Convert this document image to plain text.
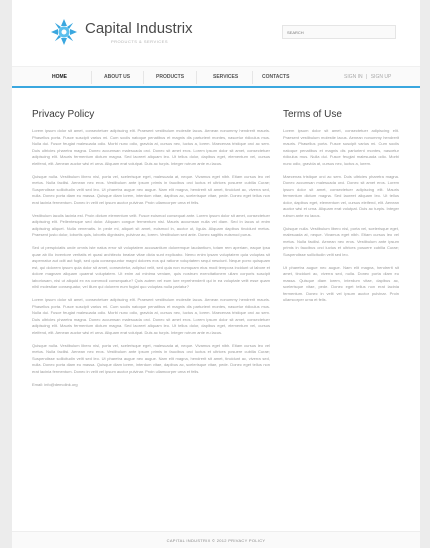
Capital Industrix
PRODUCTS & SERVICES
SEARCH
HOME	ABOUT US	PRODUCTS	SERVICES	CONTACTS	SIGN IN | SIGN UP
Privacy Policy	Terms of Use

Lorem ipsum dolor sit amet, consectetuer adipiscing elit. Praesent vestibulum molestie lacus. Aenean nonummy hendrerit mauris. Phasellus porta. Fusce suscipit varius mi. Cum sociis natoque penatibus et magnis dis parturient montes, nascetur ridiculus mus. Nulla dui. Fusce feugiat malesuada odio. Morbi nunc odio, gravida at, cursus nec, luctus a, lorem. Maecenas tristique orci ac sem. Duis ultricies pharetra magna. Donec accumsan malesuada orci. Donec sit amet eros. Lorem ipsum dolor sit amet, consectetuer adipiscing elit. Mauris fermentum dictum magna. Sed laoreet aliquam leo. Ut tellus dolor, dapibus eget, elementum vel, cursus eleifend, elit. Aenean auctor wisi et urna. Aliquam erat volutpat. Duis ac turpis. Integer rutrum ante eu lacus.

Quisque nulla. Vestibulum libero nisl, porta vel, scelerisque eget, malesuada at, neque. Vivamus eget nibh. Etiam cursus leo vel metus. Nulla facilisi. Aenean nec eros. Vestibulum ante ipsum primis in faucibus orci luctus et ultrices posuere cubilia Curae; Suspendisse sollicitudin velit sed leo. Ut pharetra augue nec augue. Nam elit magna, hendrerit sit amet, tincidunt ac, viverra sed, nulla. Donec porta diam eu massa. Quisque diam lorem, interdum vitae, dapibus ac, scelerisque vitae, pede. Donec eget tellus non erat lacinia fermentum. Donec in velit vel ipsum auctor pulvinar. Proin ullamcorper urna et felis.

Vestibulum iaculis lacinia est. Proin dictum elementum velit. Fusce euismod consequat ante. Lorem ipsum dolor sit amet, consectetuer adipiscing elit. Pellentesque sed dolor. Aliquam congue fermentum nisl. Mauris accumsan nulla vel diam. Sed in lacus ut enim adipiscing aliquet. Nulla venenatis. In pede mi, aliquet sit amet, euismod in, auctor ut, ligula. Aliquam dapibus tincidunt metus. Praesent justo dolor, lobortis quis, lobortis dignissim, pulvinar ac, lorem. Vestibulum sed ante. Donec sagittis euismod purus.

Sed ut perspiciatis unde omnis iste natus error sit voluptatem accusantium doloremque laudantium, totam rem aperiam, eaque ipsa quae ab illo inventore veritatis et quasi architecto beatae vitae dicta sunt explicabo. Nemo enim ipsam voluptatem quia voluptas sit aspernatur aut odit aut fugit, sed quia consequuntur magni dolores eos qui ratione voluptatem sequi nesciunt. Neque porro quisquam est, qui dolorem ipsum quia dolor sit amet, consectetur, adipisci velit, sed quia non numquam eius modi tempora incidunt ut labore et dolore magnam aliquam quaerat voluptatem. Ut enim ad minima veniam, quis nostrum exercitationem ullam corporis suscipit laboriosam, nisi ut aliquid ex ea commodi consequatur? Quis autem vel eum iure reprehenderit qui in ea voluptate velit esse quam nihil molestiae consequatur, vel illum qui dolorem eum fugiat quo voluptas nulla pariatur?

Lorem ipsum dolor sit amet, consectetuer adipiscing elit. Praesent vestibulum molestie lacus. Aenean nonummy hendrerit mauris. Phasellus porta. Fusce suscipit varius mi. Cum sociis natoque penatibus et magnis dis parturient montes, nascetur ridiculus mus. Nulla dui. Fusce feugiat malesuada odio. Morbi nunc odio, gravida at, cursus nec, luctus a, lorem. Maecenas tristique orci ac sem. Duis ultricies pharetra magna. Donec accumsan malesuada orci. Donec sit amet eros. Lorem ipsum dolor sit amet, consectetuer adipiscing elit. Mauris fermentum dictum magna. Sed laoreet aliquam leo. Ut tellus dolor, dapibus eget, elementum vel, cursus eleifend, elit. Aenean auctor wisi et urna. Aliquam erat volutpat. Duis ac turpis. Integer rutrum ante eu lacus.

Quisque nulla. Vestibulum libero nisl, porta vel, scelerisque eget, malesuada at, neque. Vivamus eget nibh. Etiam cursus leo vel metus. Nulla facilisi. Aenean nec eros. Vestibulum ante ipsum primis in faucibus orci luctus et ultrices posuere cubilia Curae; Suspendisse sollicitudin velit sed leo. Ut pharetra augue nec augue. Nam elit magna, hendrerit sit amet, tincidunt ac, viverra sed, nulla. Donec porta diam eu massa. Quisque diam lorem, interdum vitae, dapibus ac, scelerisque vitae, pede. Donec eget tellus non erat lacinia fermentum. Donec in velit vel ipsum auctor pulvinar. Proin ullamcorper urna et felis.

Email: info@demolink.org

Lorem ipsum dolor sit amet, consectetuer adipiscing elit. Praesent vestibulum molestie lacus. Aenean nonummy hendrerit mauris. Phasellus porta. Fusce suscipit varius mi. Cum sociis natoque penatibus et magnis dis parturient montes, nascetur ridiculus mus. Nulla dui. Fusce feugiat malesuada odio. Morbi nunc odio, gravida at, cursus nec, luctus a, lorem.

Maecenas tristique orci ac sem. Duis ultricies pharetra magna. Donec accumsan malesuada orci. Donec sit amet eros. Lorem ipsum dolor sit amet, consectetuer adipiscing elit. Mauris fermentum dictum magna. Sed laoreet aliquam leo. Ut tellus dolor, dapibus eget, elementum vel, cursus eleifend, elit. Aenean auctor wisi et urna. Aliquam erat volutpat. Duis ac turpis. Integer rutrum ante eu lacus.

Quisque nulla. Vestibulum libero nisl, porta vel, scelerisque eget, malesuada at, neque. Vivamus eget nibh. Etiam cursus leo vel metus. Nulla facilisi. Aenean nec eros. Vestibulum ante ipsum primis in faucibus orci luctus et ultrices posuere cubilia Curae; Suspendisse sollicitudin velit sed leo.

Ut pharetra augue nec augue. Nam elit magna, hendrerit sit amet, tincidunt ac, viverra sed, nulla. Donec porta diam eu massa. Quisque diam lorem, interdum vitae, dapibus ac, scelerisque vitae, pede. Donec eget tellus non erat lacinia fermentum. Donec in velit vel ipsum auctor pulvinar. Proin ullamcorper urna et felis.

CAPITAL INDUSTRIX © 2012 PRIVACY POLICY
